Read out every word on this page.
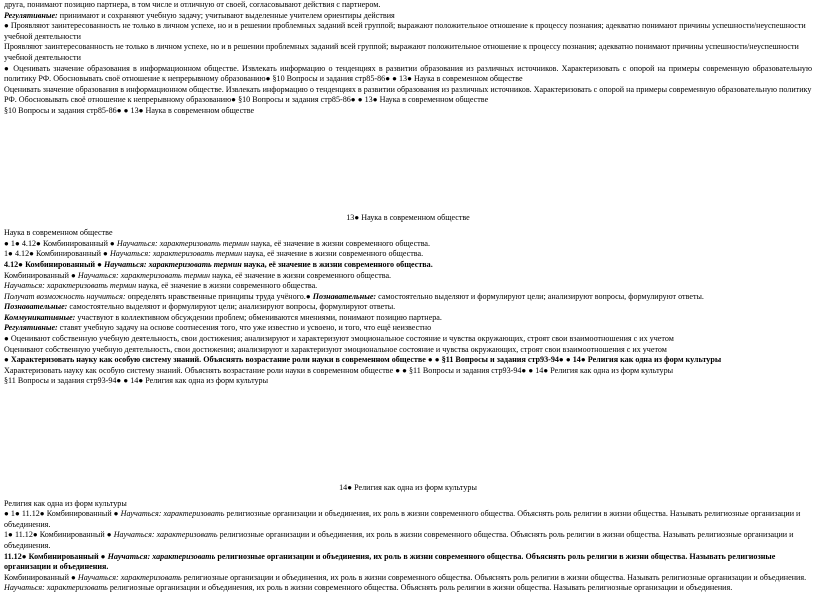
друга, понимают позицию партнера, в том числе и отличную от своей, согласовывают действия с партнером.
Регулятивные: принимают и сохраняют учебную задачу; учитывают выделенные учителем ориентиры действия
● Проявляют заинтересованность не только в личном успехе, но и в решении проблемных заданий всей группой; выражают положительное отношение к процессу познания; адекватно понимают причины успешности/неуспешности учебной деятельности
Проявляют заинтересованность не только в личном успехе, но и в решении проблемных заданий всей группой; выражают положительное отношение к процессу познания; адекватно понимают причины успешности/неуспешности учебной деятельности
● Оценивать значение образования в информационном обществе. Извлекать информацию о тенденциях в развитии образования из различных источников. Характеризовать с опорой на примеры современную образовательную политику РФ. Обосновывать своё отношение к непрерывному образованию● §10 Вопросы и задания стр85-86● ● 13● Наука в современном обществе
Оценивать значение образования в информационном обществе. Извлекать информацию о тенденциях в развитии образования из различных источников. Характеризовать с опорой на примеры современную образовательную политику РФ. Обосновывать своё отношение к непрерывному образованию● §10 Вопросы и задания стр85-86● ● 13● Наука в современном обществе
§10 Вопросы и задания стр85-86● ● 13● Наука в современном обществе
13● Наука в современном обществе
Наука в современном обществе
● 1● 4.12● Комбинированный ● Научаться: характеризовать термин наука, её значение в жизни современного общества.
1● 4.12● Комбинированный ● Научаться: характеризовать термин наука, её значение в жизни современного общества.
4.12● Комбинированный ● Научаться: характеризовать термин наука, её значение в жизни современного общества.
Комбинированный ● Научаться: характеризовать термин наука, её значение в жизни современного общества.
Научаться: характеризовать термин наука, её значение в жизни современного общества.
Получат возможность научиться: определять нравственные принципы труда учёного.● Познавательные: самостоятельно выделяют и формулируют цели; анализируют вопросы, формулируют ответы.
Познавательные: самостоятельно выделяют и формулируют цели; анализируют вопросы, формулируют ответы.
Коммуникативные: участвуют в коллективном обсуждении проблем; обмениваются мнениями, понимают позицию партнера.
Регулятивные: ставят учебную задачу на основе соотнесения того, что уже известно и усвоено, и того, что ещё неизвестно
● Оценивают собственную учебную деятельность, свои достижения; анализируют и характеризуют эмоциональное состояние и чувства окружающих, строят свои взаимоотношения с их учетом
Оценивают собственную учебную деятельность, свои достижения; анализируют и характеризуют эмоциональное состояние и чувства окружающих, строят свои взаимоотношения с их учетом
● Характеризовать науку как особую систему знаний. Объяснять возрастание роли науки в современном обществе ● ● §11 Вопросы и задания стр93-94● ● 14● Религия как одна из форм культуры
Характеризовать науку как особую систему знаний. Объяснять возрастание роли науки в современном обществе ● ● §11 Вопросы и задания стр93-94● ● 14● Религия как одна из форм культуры
§11 Вопросы и задания стр93-94● ● 14● Религия как одна из форм культуры
14● Религия как одна из форм культуры
Религия как одна из форм культуры
● 1● 11.12● Комбинированный ● Научаться: характеризовать религиозные организации и объединения, их роль в жизни современного общества. Объяснять роль религии в жизни общества. Называть религиозные организации и объединения.
1● 11.12● Комбинированный ● Научаться: характеризовать религиозные организации и объединения, их роль в жизни современного общества. Объяснять роль религии в жизни общества. Называть религиозные организации и объединения.
11.12● Комбинированный ● Научаться: характеризовать религиозные организации и объединения, их роль в жизни современного общества. Объяснять роль религии в жизни общества. Называть религиозные организации и объединения.
Комбинированный ● Научаться: характеризовать религиозные организации и объединения, их роль в жизни современного общества. Объяснять роль религии в жизни общества. Называть религиозные организации и объединения.
Научаться: характеризовать религиозные организации и объединения, их роль в жизни современного общества. Объяснять роль религии в жизни общества. Называть религиозные организации и объединения.
